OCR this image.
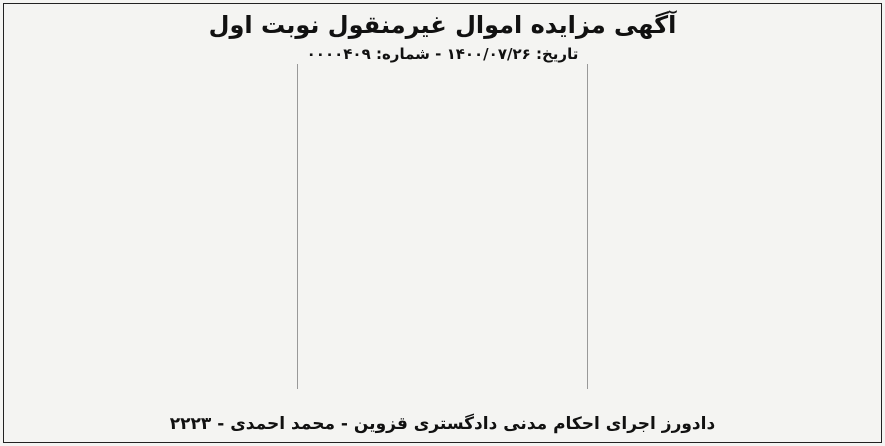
آگهی مزایده اموال غیرمنقول نوبت اول
تاریخ: ۱۴۰۰/۰۷/۲۶ - شماره: ۰۰۰۰۴۰۹
دادورز اجرای احکام مدنی دادگستری قزوین - محمد احمدی - ۲۲۲۳
